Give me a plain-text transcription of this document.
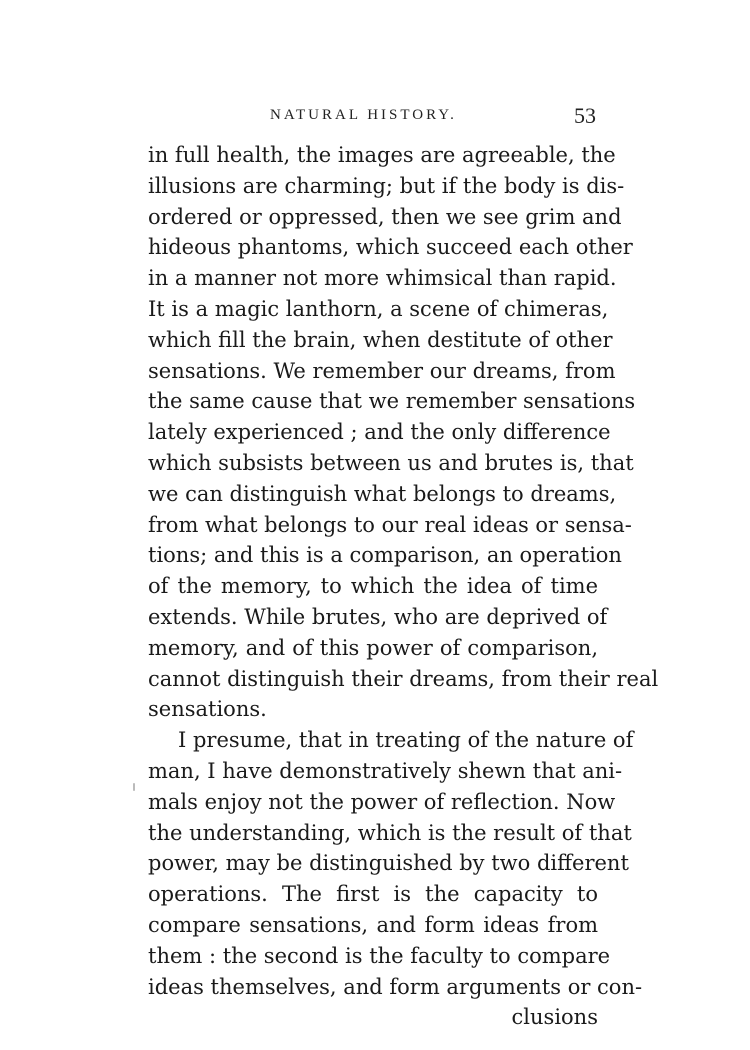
NATURAL HISTORY.	53
in full health, the images are agreeable, the
illusions are charming; but if the body is dis-
ordered or oppressed, then we see grim and
hideous phantoms, which succeed each other
in a manner not more whimsical than rapid.
It is a magic lanthorn, a scene of chimeras,
which fill the brain, when destitute of other
sensations. We remember our dreams, from
the same cause that we remember sensations
lately experienced ; and the only difference
which subsists between us and brutes is, that
we can distinguish what belongs to dreams,
from what belongs to our real ideas or sensa-
tions; and this is a comparison, an operation
of the memory, to which the idea of time
extends. While brutes, who are deprived of
memory, and of this power of comparison,
cannot distinguish their dreams, from their real
sensations.
I presume, that in treating of the nature of
man, I have demonstratively shewn that ani-
mals enjoy not the power of reflection. Now
the understanding, which is the result of that
power, may be distinguished by two different
operations. The first is the capacity to
compare sensations, and form ideas from
them : the second is the faculty to compare
ideas themselves, and form arguments or con-
clusions
